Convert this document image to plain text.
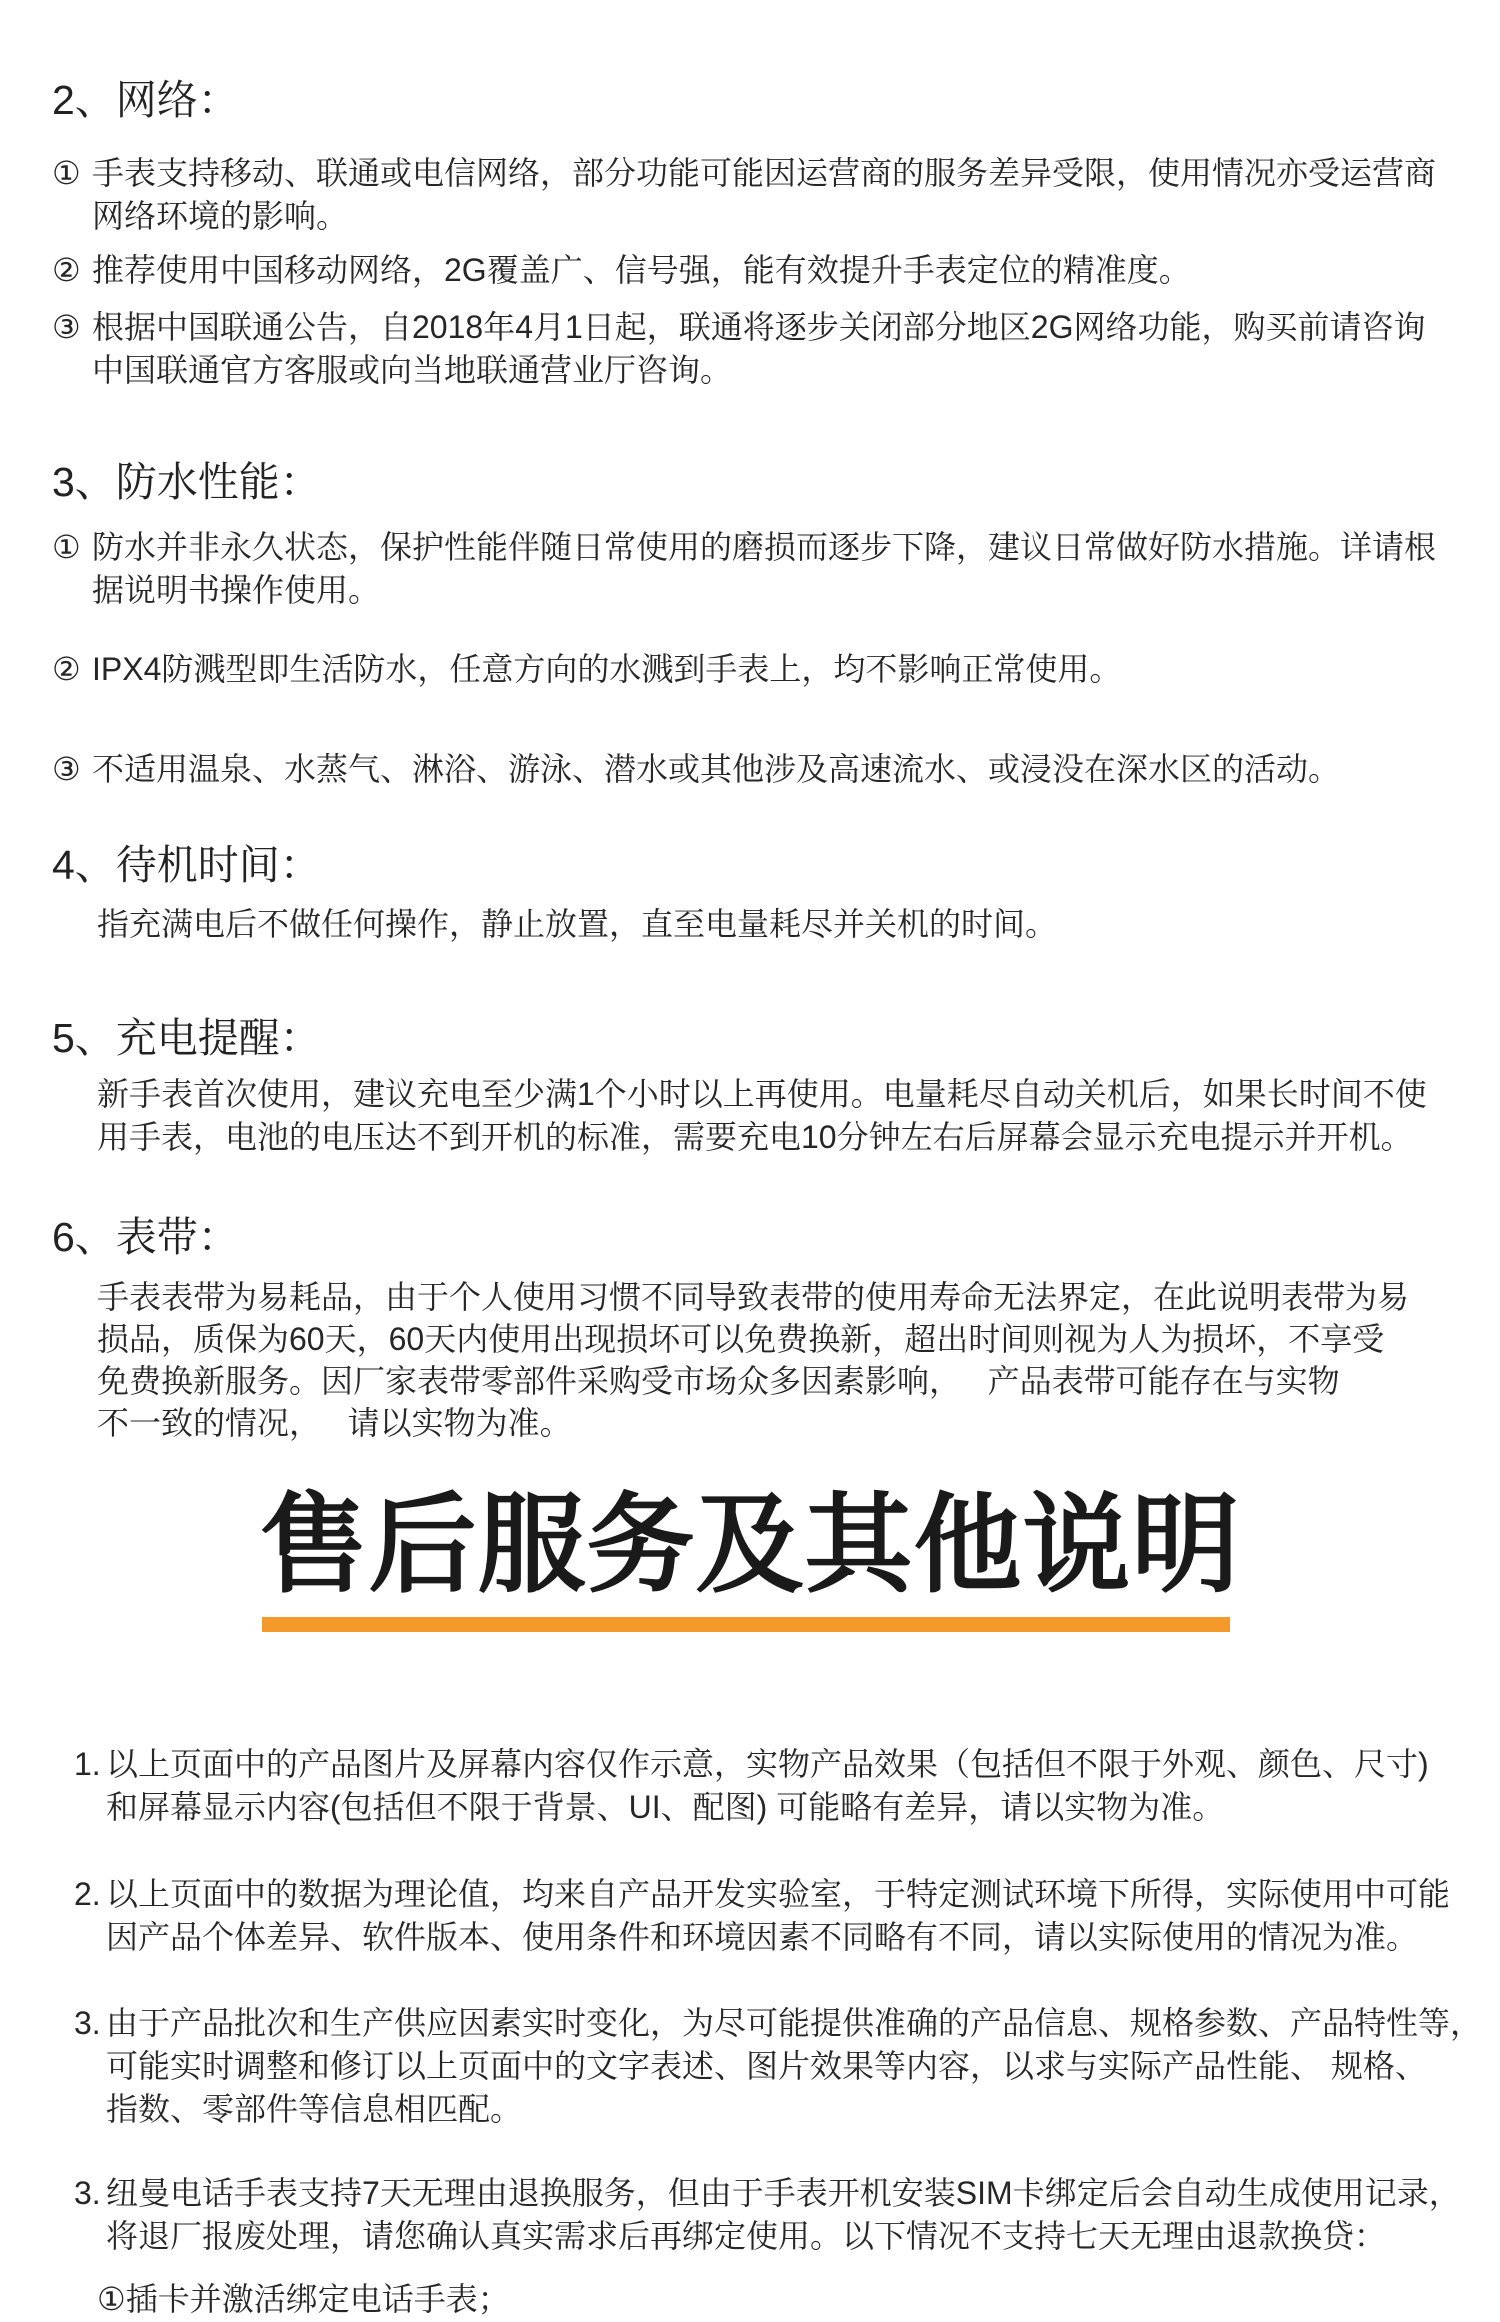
2、网络：
① 手表支持移动、联通或电信网络，部分功能可能因运营商的服务差异受限，使用情况亦受运营商
网络环境的影响。
② 推荐使用中国移动网络，2G覆盖广、信号强，能有效提升手表定位的精准度。
③ 根据中国联通公告，自2018年4月1日起，联通将逐步关闭部分地区2G网络功能，购买前请咨询
中国联通官方客服或向当地联通营业厅咨询。
3、防水性能：
① 防水并非永久状态，保护性能伴随日常使用的磨损而逐步下降，建议日常做好防水措施。详请根
据说明书操作使用。
② IPX4防溅型即生活防水，任意方向的水溅到手表上，均不影响正常使用。
③ 不适用温泉、水蒸气、淋浴、游泳、潜水或其他涉及高速流水、或浸没在深水区的活动。
4、待机时间：
指充满电后不做任何操作，静止放置，直至电量耗尽并关机的时间。
5、充电提醒：
新手表首次使用，建议充电至少满1个小时以上再使用。电量耗尽自动关机后，如果长时间不使
用手表，电池的电压达不到开机的标准，需要充电10分钟左右后屏幕会显示充电提示并开机。
6、表带：
手表表带为易耗品，由于个人使用习惯不同导致表带的使用寿命无法界定，在此说明表带为易
损品，质保为60天，60天内使用出现损坏可以免费换新，超出时间则视为人为损坏，不享受
免费换新服务。因厂家表带零部件采购受市场众多因素影响，   产品表带可能存在与实物
不一致的情况，   请以实物为准。
售后服务及其他说明
1. 以上页面中的产品图片及屏幕内容仅作示意，实物产品效果（包括但不限于外观、颜色、尺寸)
和屏幕显示内容(包括但不限于背景、UI、配图) 可能略有差异，请以实物为准。
2. 以上页面中的数据为理论值，均来自产品开发实验室，于特定测试环境下所得，实际使用中可能
因产品个体差异、软件版本、使用条件和环境因素不同略有不同，请以实际使用的情况为准。
3. 由于产品批次和生产供应因素实时变化，为尽可能提供准确的产品信息、规格参数、产品特性等，
可能实时调整和修订以上页面中的文字表述、图片效果等内容，以求与实际产品性能、 规格、
指数、零部件等信息相匹配。
3. 纽曼电话手表支持7天无理由退换服务，但由于手表开机安装SIM卡绑定后会自动生成使用记录，
将退厂报废处理，请您确认真实需求后再绑定使用。以下情况不支持七天无理由退款换贷：
①插卡并激活绑定电话手表；
